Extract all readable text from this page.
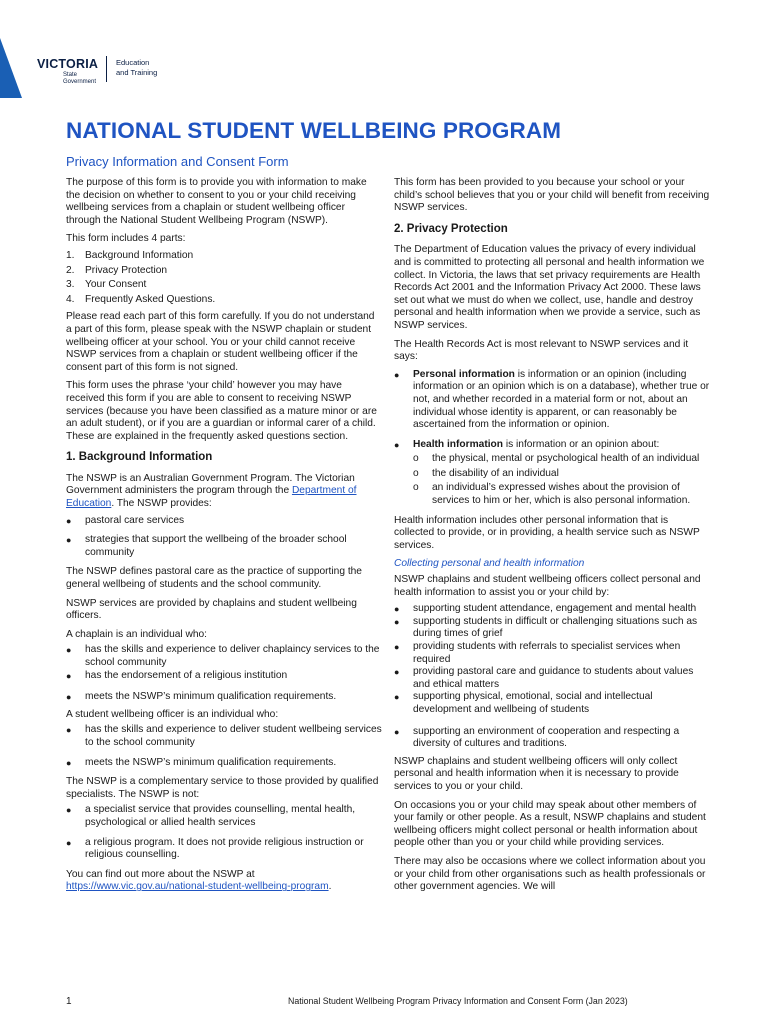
VICTORIA
State
Government
Education
and Training
NATIONAL STUDENT WELLBEING PROGRAM
Privacy Information and Consent Form

The purpose of this form is to provide you with information to make the decision on whether to consent to you or your child receiving wellbeing services from a chaplain or student wellbeing officer through the National Student Wellbeing Program (NSWP).

This form includes 4 parts:

1.	Background Information
2.	Privacy Protection
3.	Your Consent
4.	Frequently Asked Questions.

Please read each part of this form carefully. If you do not understand a part of this form, please speak with the NSWP chaplain or student wellbeing officer at your school. You or your child cannot receive NSWP services from a chaplain or student wellbeing officer if the consent part of this form is not signed.

This form uses the phrase ‘your child’ however you may have received this form if you are able to consent to receiving NSWP services (because you have been classified as a mature minor or are an adult student), or if you are a guardian or informal carer of a child. These are explained in the frequently asked questions section.

1. Background Information

The NSWP is an Australian Government Program. The Victorian Government administers the program through the Department of Education. The NSWP provides:

●	pastoral care services
●	strategies that support the wellbeing of the broader school community

The NSWP defines pastoral care as the practice of supporting the general wellbeing of students and the school community.

NSWP services are provided by chaplains and student wellbeing officers.

A chaplain is an individual who:

●	has the skills and experience to deliver chaplaincy services to the school community
●	has the endorsement of a religious institution
●	meets the NSWP’s minimum qualification requirements.

A student wellbeing officer is an individual who:

●	has the skills and experience to deliver student wellbeing services to the school community
●	meets the NSWP’s minimum qualification requirements.

The NSWP is a complementary service to those provided by qualified specialists. The NSWP is not:

●	a specialist service that provides counselling, mental health, psychological or allied health services
●	a religious program. It does not provide religious instruction or religious counselling.

You can find out more about the NSWP at
https://www.vic.gov.au/national-student-wellbeing-program.

This form has been provided to you because your school or your child’s school believes that you or your child will benefit from receiving NSWP services.

2. Privacy Protection

The Department of Education values the privacy of every individual and is committed to protecting all personal and health information we collect. In Victoria, the laws that set privacy requirements are Health Records Act 2001 and the Information Privacy Act 2000. These laws set out what we must do when we collect, use, handle and destroy personal and health information when we provide a service, such as NSWP services.

The Health Records Act is most relevant to NSWP services and it says:

●	Personal information is information or an opinion (including information or an opinion which is on a database), whether true or not, and whether recorded in a material form or not, about an individual whose identity is apparent, or can reasonably be ascertained from the information or opinion.
●	Health information is information or an opinion about:
o	the physical, mental or psychological health of an individual
o	the disability of an individual
o	an individual’s expressed wishes about the provision of services to him or her, which is also personal information.

Health information includes other personal information that is collected to provide, or in providing, a health service such as NSWP services.

Collecting personal and health information

NSWP chaplains and student wellbeing officers collect personal and health information to assist you or your child by:

●	supporting student attendance, engagement and mental health
●	supporting students in difficult or challenging situations such as during times of grief
●	providing students with referrals to specialist services when required
●	providing pastoral care and guidance to students about values and ethical matters
●	supporting physical, emotional, social and intellectual development and wellbeing of students
●	supporting an environment of cooperation and respecting a diversity of cultures and traditions.

NSWP chaplains and student wellbeing officers will only collect personal and health information when it is necessary to provide services to you or your child.

On occasions you or your child may speak about other members of your family or other people. As a result, NSWP chaplains and student wellbeing officers might collect personal or health information about people other than you or your child while providing services.

There may also be occasions where we collect information about you or your child from other organisations such as health professionals or other government agencies. We will

1	National Student Wellbeing Program Privacy Information and Consent Form (Jan 2023)
